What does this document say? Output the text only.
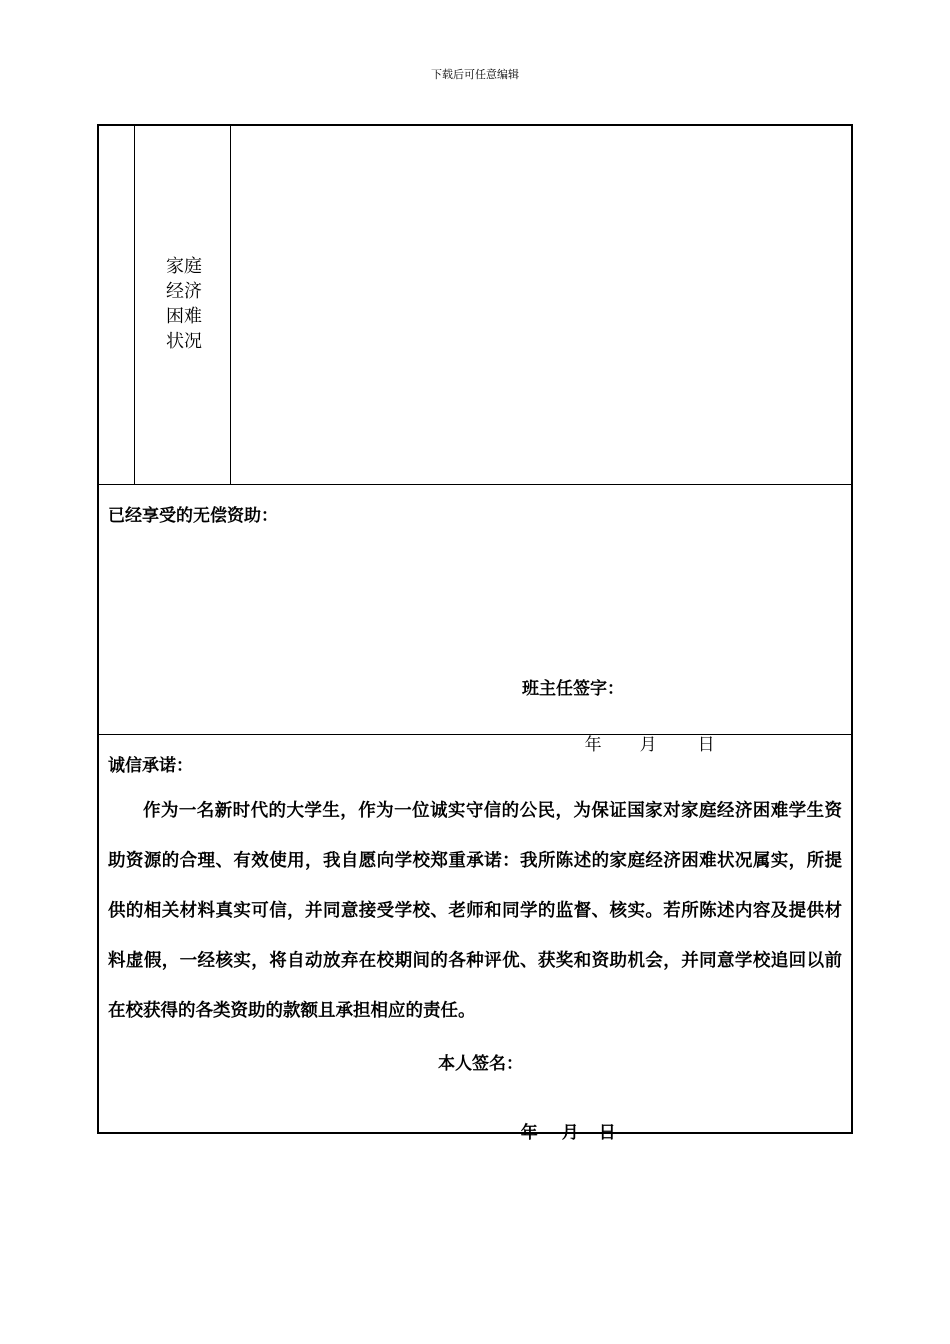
下载后可任意编辑
家庭
经济
困难
状况
已经享受的无偿资助：
班主任签字：

年 月 日

诚信承诺：

作为一名新时代的大学生，作为一位诚实守信的公民，为保证国家对家庭经济困难学生资助资源的合理、有效使用，我自愿向学校郑重承诺：我所陈述的家庭经济困难状况属实，所提供的相关材料真实可信，并同意接受学校、老师和同学的监督、核实。若所陈述内容及提供材料虚假，一经核实，将自动放弃在校期间的各种评优、获奖和资助机会，并同意学校追回以前在校获得的各类资助的款额且承担相应的责任。

本人签名：

年 月 日
